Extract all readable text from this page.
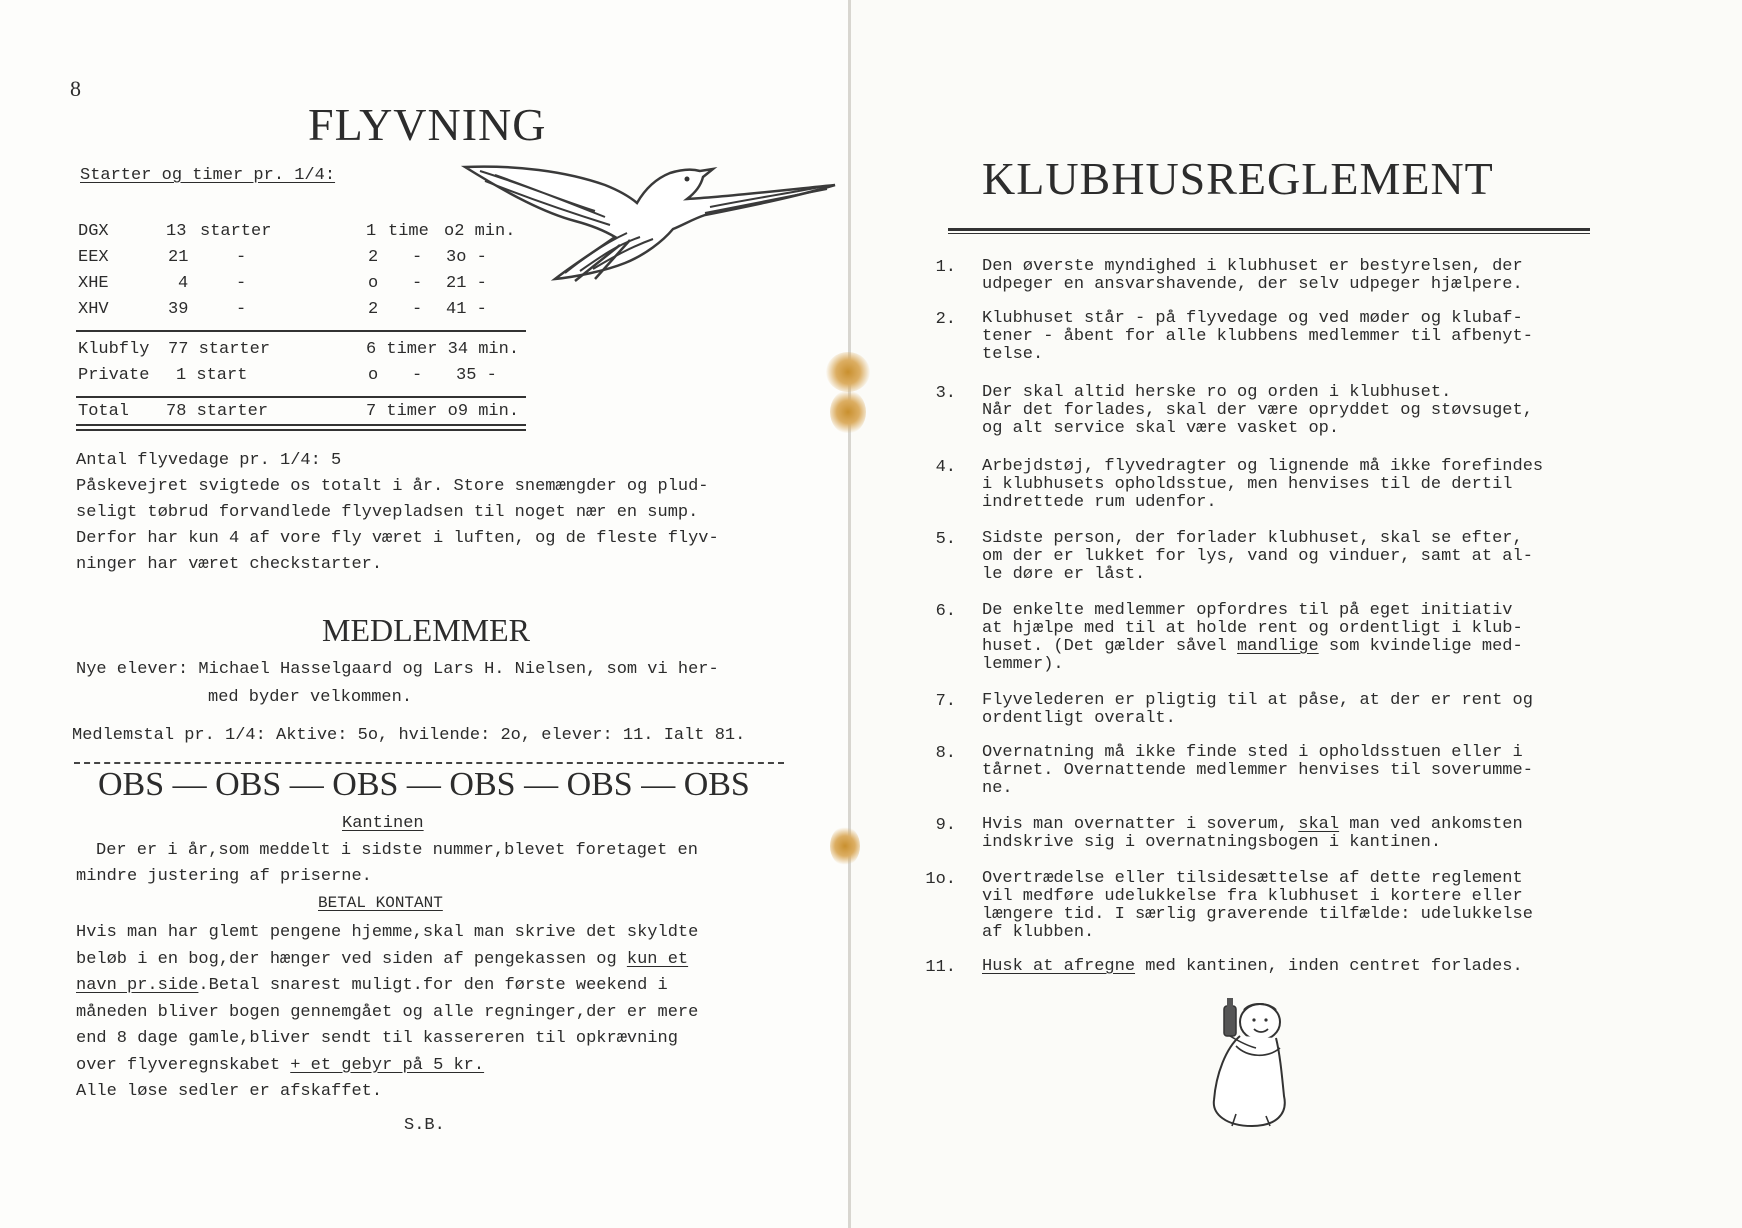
8
FLYVNING
Starter og timer pr. 1/4:
DGX	13 starter	1 time o2 min.
EEX	21	-	2 - 3o -
XHE	4	-	o - 21 -
XHV	39	-	2 - 41 -
Klubfly 77 starter	6 timer 34 min.
Private 1 start	o - 35 -
Total 78 starter	7 timer o9 min.
Antal flyvedage pr. 1/4: 5
Påskevejret svigtede os totalt i år. Store snemængder og plud-
seligt tøbrud forvandlede flyvepladsen til noget nær en sump.
Derfor har kun 4 af vore fly været i luften, og de fleste flyv-
ninger har været checkstarter.
MEDLEMMER
Nye elever: Michael Hasselgaard og Lars H. Nielsen, som vi her-
med byder velkommen.
Medlemstal pr. 1/4: Aktive: 5o, hvilende: 2o, elever: 11. Ialt 81.
OBS — OBS — OBS — OBS — OBS — OBS
Kantinen
Der er i år,som meddelt i sidste nummer,blevet foretaget en
mindre justering af priserne.
BETAL KONTANT
Hvis man har glemt pengene hjemme,skal man skrive det skyldte
beløb i en bog,der hænger ved siden af pengekassen og kun et
navn pr.side.Betal snarest muligt.for den første weekend i
måneden bliver bogen gennemgået og alle regninger,der er mere
end 8 dage gamle,bliver sendt til kassereren til opkrævning
over flyveregnskabet + et gebyr på 5 kr.
Alle løse sedler er afskaffet.
S.B.
KLUBHUSREGLEMENT
1. Den øverste myndighed i klubhuset er bestyrelsen, der
udpeger en ansvarshavende, der selv udpeger hjælpere.
2. Klubhuset står - på flyvedage og ved møder og klubaf-
tener - åbent for alle klubbens medlemmer til afbenyt-
telse.
3. Der skal altid herske ro og orden i klubhuset.
Når det forlades, skal der være opryddet og støvsuget,
og alt service skal være vasket op.
4. Arbejdstøj, flyvedragter og lignende må ikke forefindes
i klubhusets opholdsstue, men henvises til de dertil
indrettede rum udenfor.
5. Sidste person, der forlader klubhuset, skal se efter,
om der er lukket for lys, vand og vinduer, samt at al-
le døre er låst.
6. De enkelte medlemmer opfordres til på eget initiativ
at hjælpe med til at holde rent og ordentligt i klub-
huset. (Det gælder såvel mandlige som kvindelige med-
lemmer).
7. Flyvelederen er pligtig til at påse, at der er rent og
ordentligt overalt.
8. Overnatning må ikke finde sted i opholdsstuen eller i
tårnet. Overnattende medlemmer henvises til soverumme-
ne.
9. Hvis man overnatter i soverum, skal man ved ankomsten
indskrive sig i overnatningsbogen i kantinen.
1o. Overtrædelse eller tilsidesættelse af dette reglement
vil medføre udelukkelse fra klubhuset i kortere eller
længere tid. I særlig graverende tilfælde: udelukkelse
af klubben.
11. Husk at afregne med kantinen, inden centret forlades.
